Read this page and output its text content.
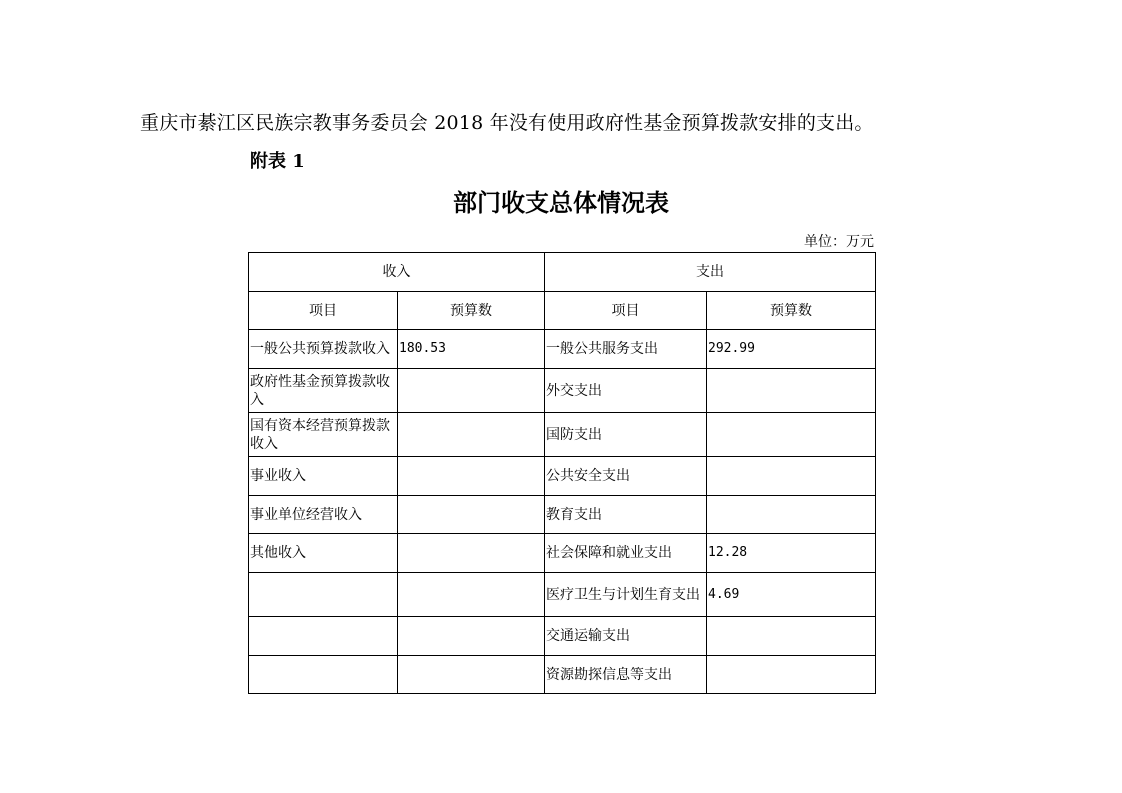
重庆市綦江区民族宗教事务委员会 2018 年没有使用政府性基金预算拨款安排的支出。
附表 1
部门收支总体情况表
单位：万元
收入		支出	
项目	预算数	项目	预算数
一般公共预算拨款收入	180.53	一般公共服务支出	292.99
政府性基金预算拨款收入		外交支出	
国有资本经营预算拨款收入		国防支出	
事业收入		公共安全支出	
事业单位经营收入		教育支出	
其他收入		社会保障和就业支出	12.28
		医疗卫生与计划生育支出	4.69
		交通运输支出	
		资源勘探信息等支出	
